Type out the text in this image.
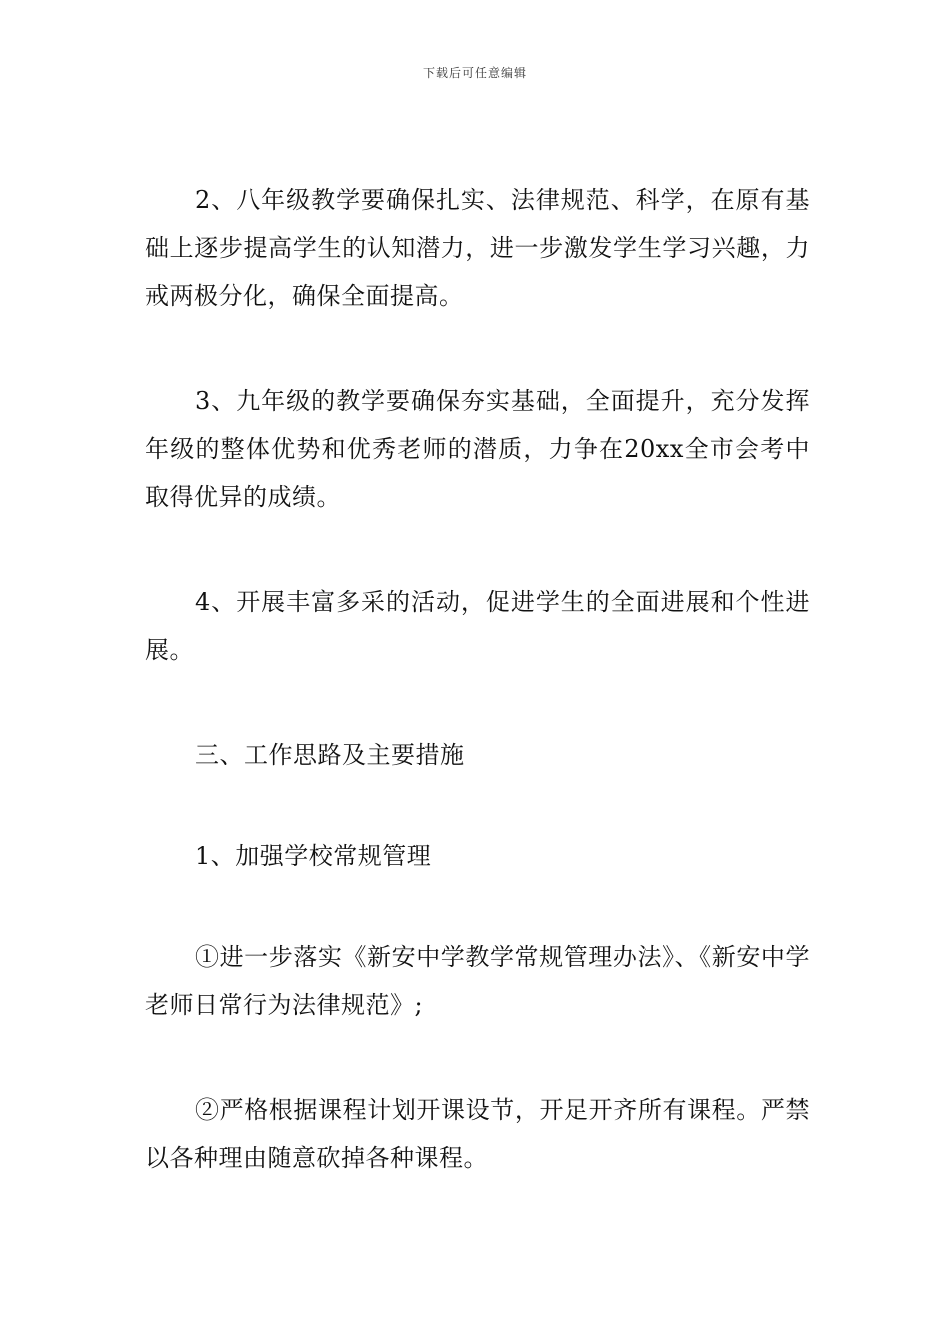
下载后可任意编辑

2、八年级教学要确保扎实、法律规范、科学，在原有基础上逐步提高学生的认知潜力，进一步激发学生学习兴趣，力戒两极分化，确保全面提高。

3、九年级的教学要确保夯实基础，全面提升，充分发挥年级的整体优势和优秀老师的潜质，力争在20xx全市会考中取得优异的成绩。

4、开展丰富多采的活动，促进学生的全面进展和个性进展。

三、工作思路及主要措施

1、加强学校常规管理

①进一步落实《新安中学教学常规管理办法》、《新安中学老师日常行为法律规范》;

②严格根据课程计划开课设节，开足开齐所有课程。严禁以各种理由随意砍掉各种课程。
